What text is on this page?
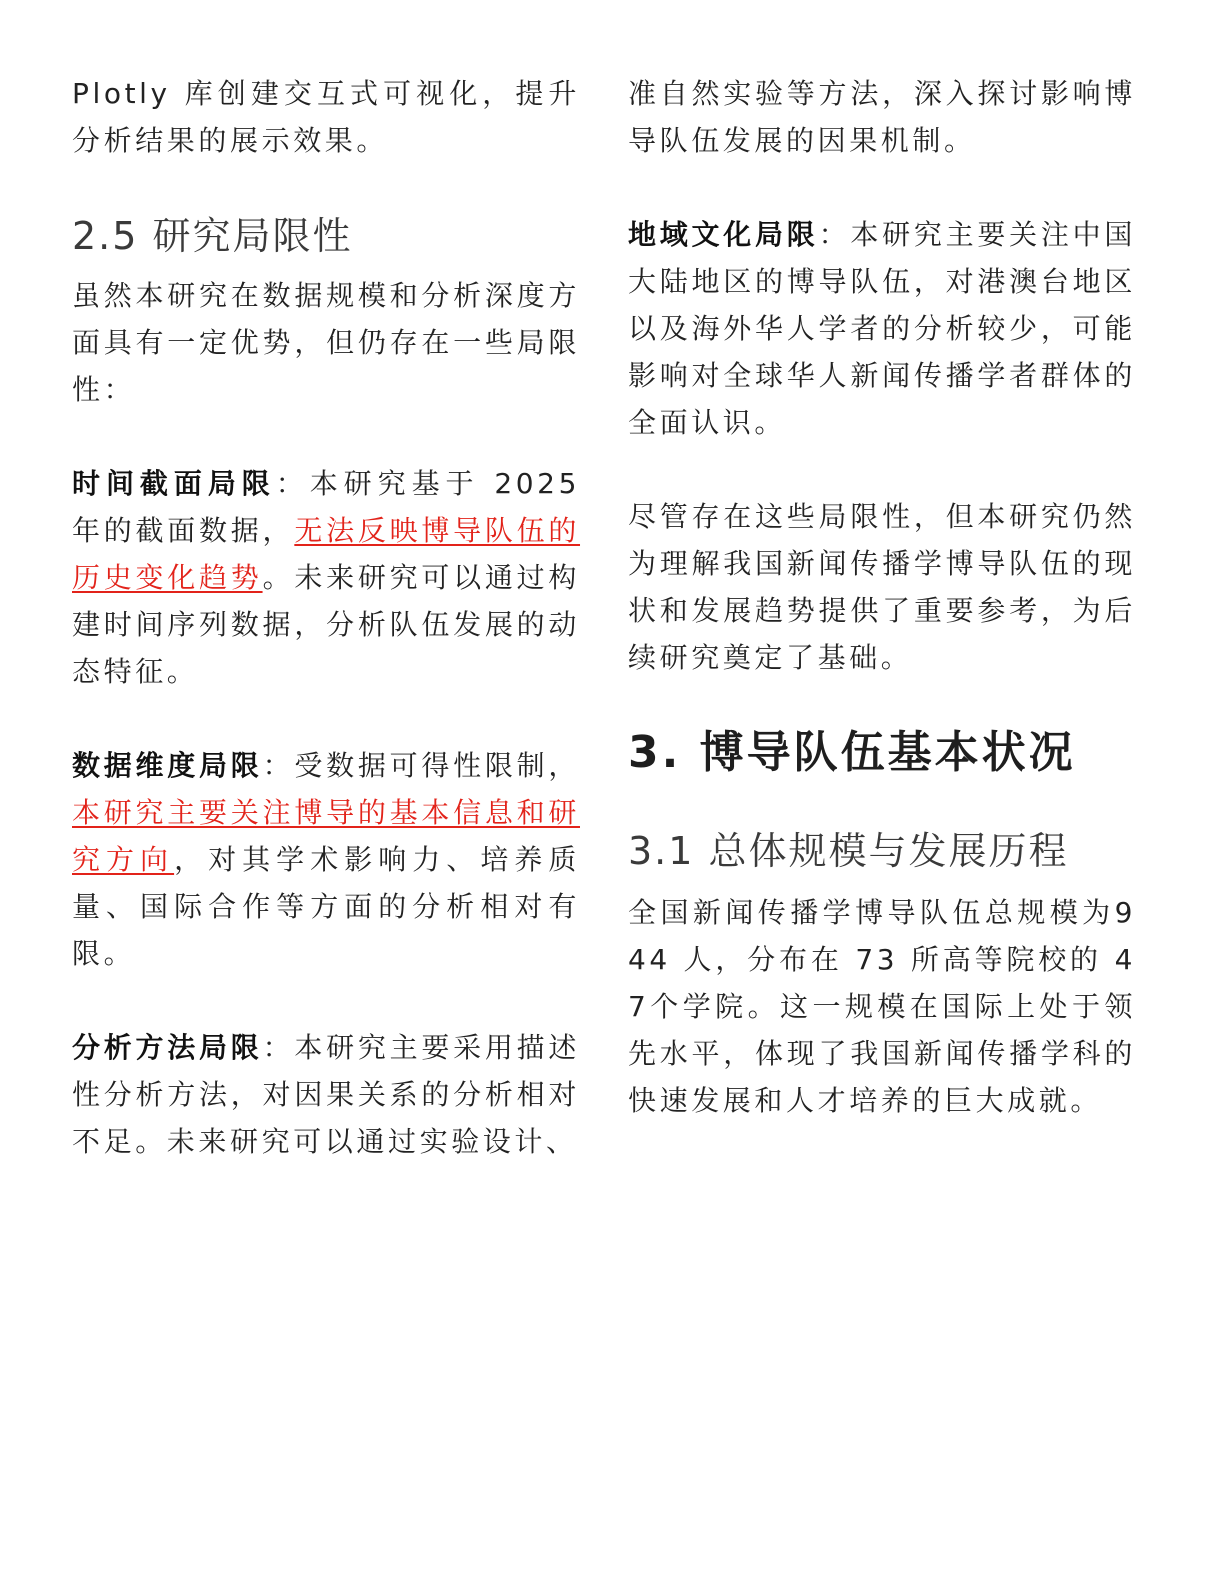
Plotly 库创建交互式可视化，提升分析结果的展示效果。

2.5 研究局限性

虽然本研究在数据规模和分析深度方面具有一定优势，但仍存在一些局限性：

时间截面局限：本研究基于 2025 年的截面数据，无法反映博导队伍的历史变化趋势。未来研究可以通过构建时间序列数据，分析队伍发展的动态特征。

数据维度局限：受数据可得性限制，本研究主要关注博导的基本信息和研究方向，对其学术影响力、培养质量、国际合作等方面的分析相对有限。

分析方法局限：本研究主要采用描述性分析方法，对因果关系的分析相对不足。未来研究可以通过实验设计、

准自然实验等方法，深入探讨影响博导队伍发展的因果机制。

地域文化局限：本研究主要关注中国大陆地区的博导队伍，对港澳台地区以及海外华人学者的分析较少，可能影响对全球华人新闻传播学者群体的全面认识。

尽管存在这些局限性，但本研究仍然为理解我国新闻传播学博导队伍的现状和发展趋势提供了重要参考，为后续研究奠定了基础。

3. 博导队伍基本状况
3.1 总体规模与发展历程

全国新闻传播学博导队伍总规模为944 人，分布在 73 所高等院校的 47个学院。这一规模在国际上处于领先水平，体现了我国新闻传播学科的快速发展和人才培养的巨大成就。
